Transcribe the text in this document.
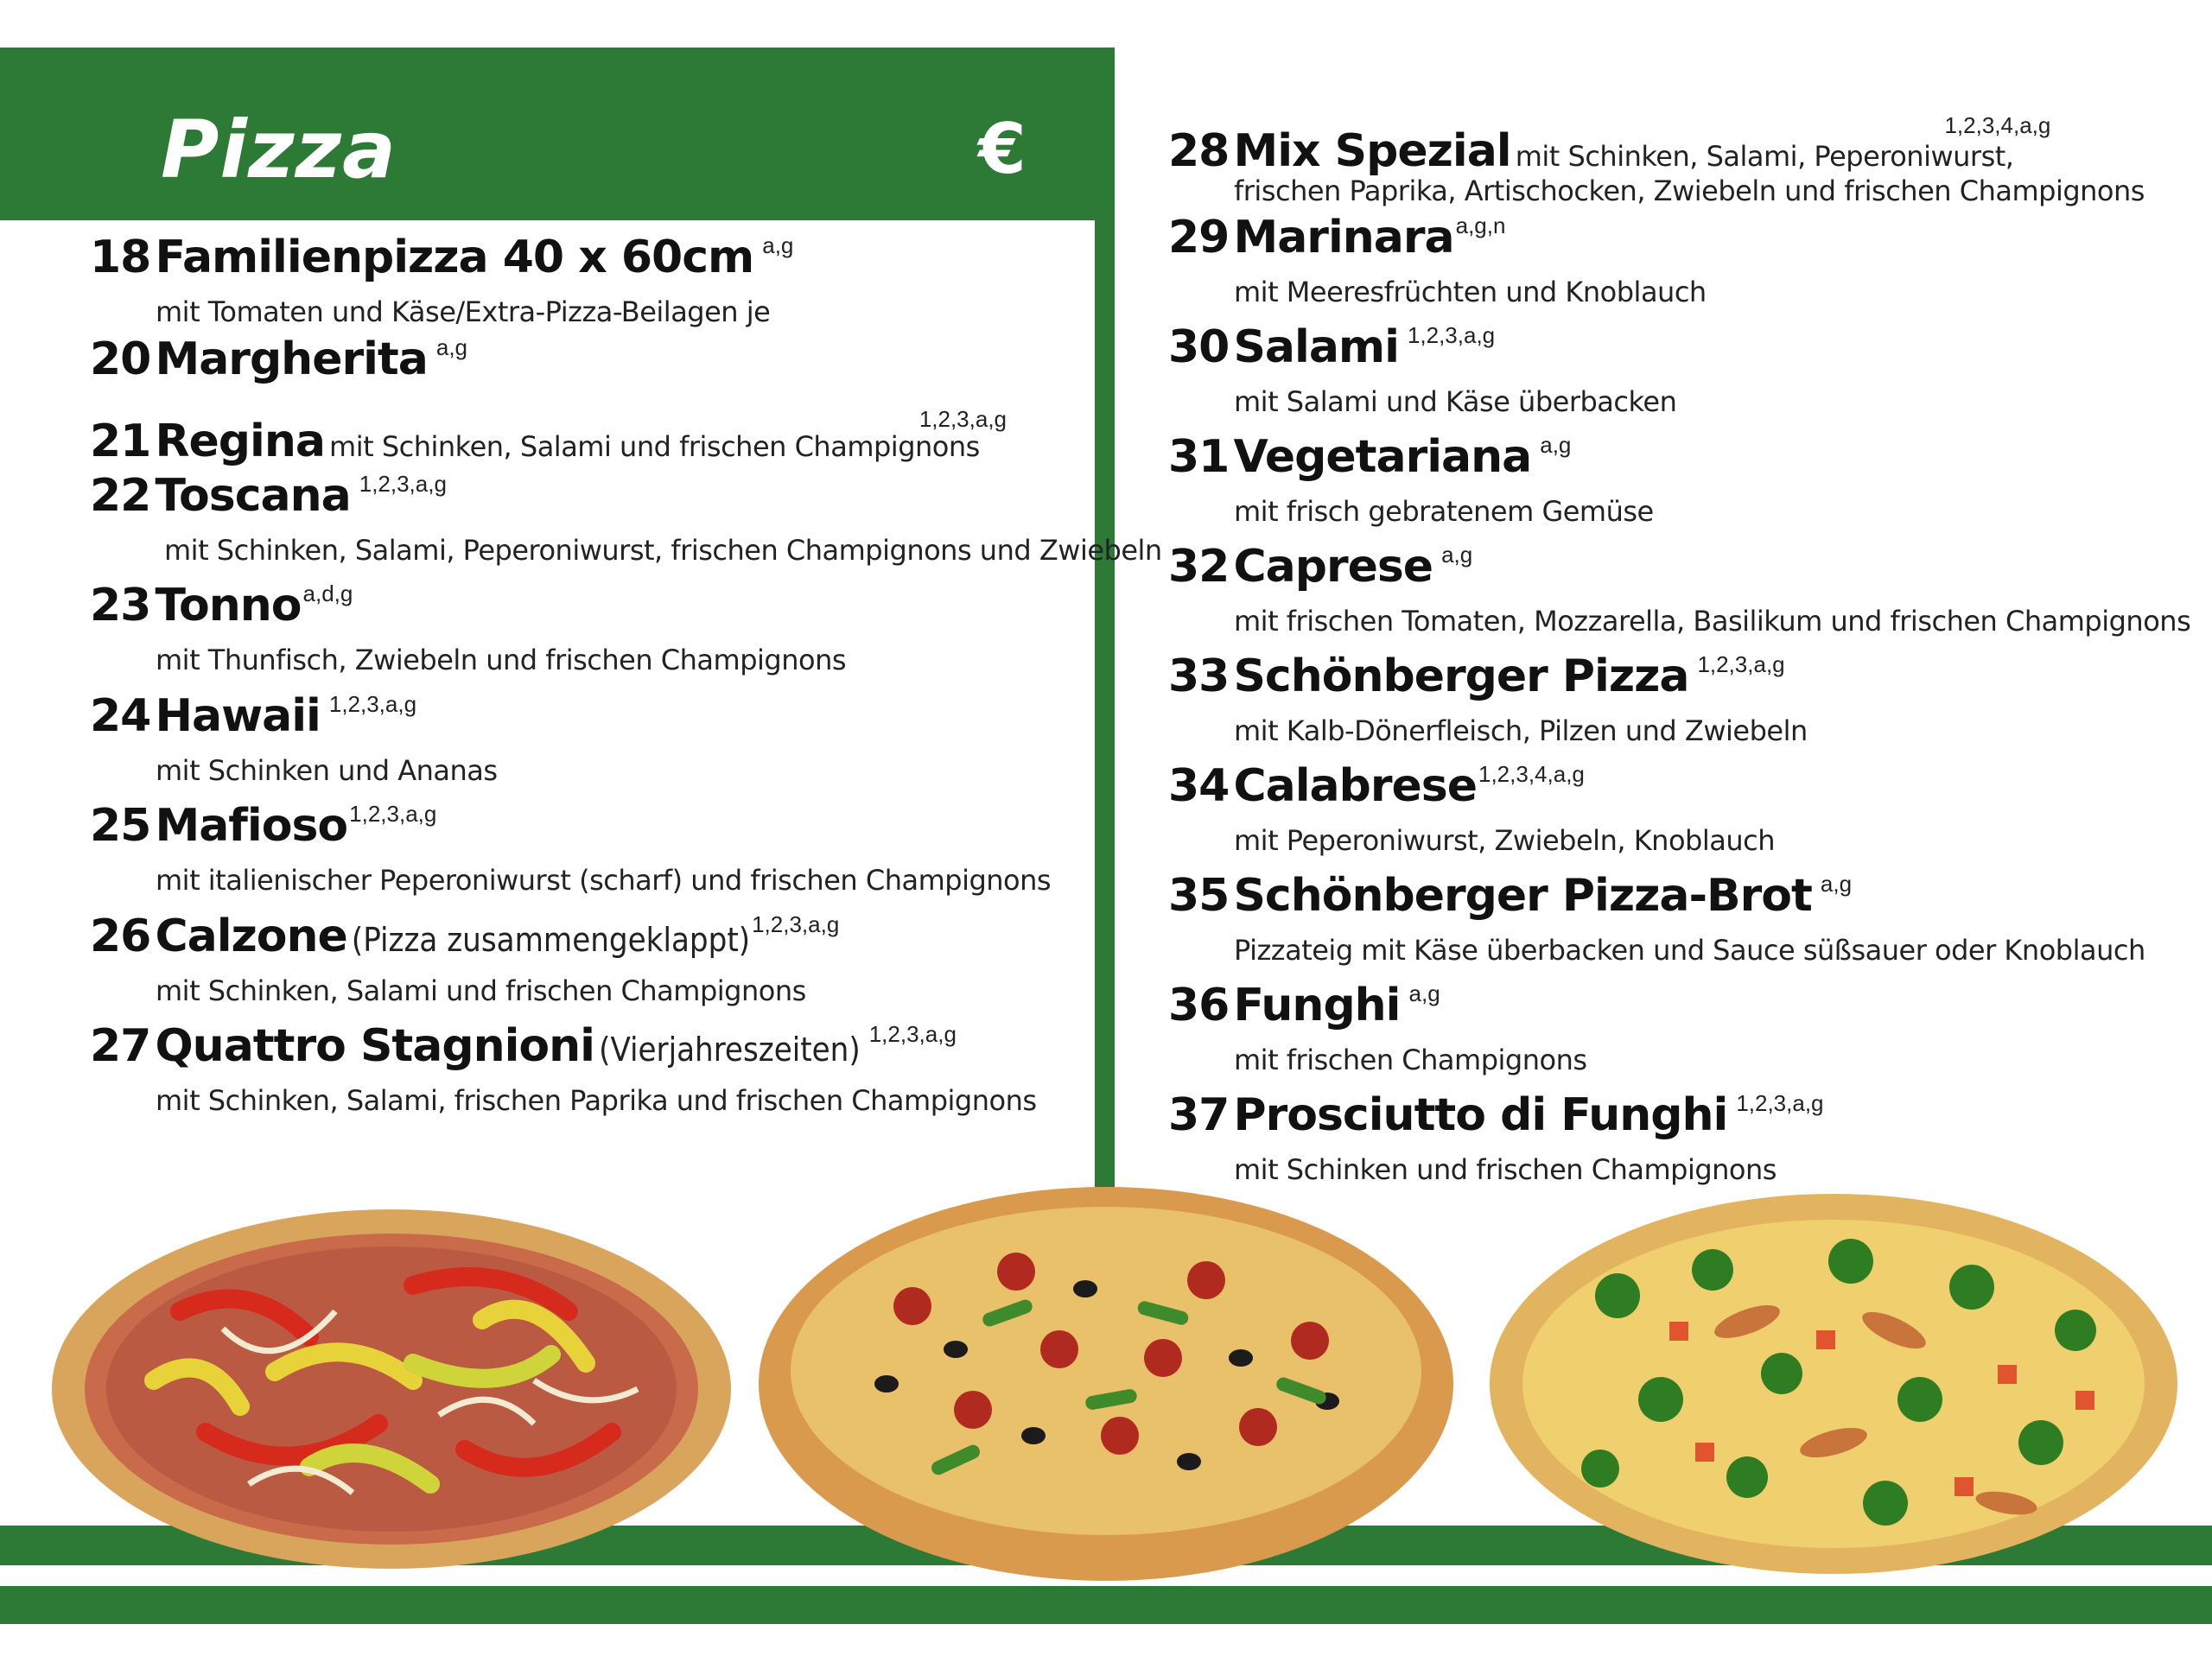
Pizza	€
18 Familienpizza 40 x 60cm a,g
mit Tomaten und Käse/Extra-Pizza-Beilagen je
20 Margherita a,g
21 Regina mit Schinken, Salami und frischen Champignons1,2,3,a,g
22 Toscana 1,2,3,a,g
mit Schinken, Salami, Peperoniwurst, frischen Champignons und Zwiebeln
23 Tonnoa,d,g
mit Thunfisch, Zwiebeln und frischen Champignons
24 Hawaii 1,2,3,a,g
mit Schinken und Ananas
25 Mafioso1,2,3,a,g
mit italienischer Peperoniwurst (scharf) und frischen Champignons
26 Calzone (Pizza zusammengeklappt)1,2,3,a,g
mit Schinken, Salami und frischen Champignons
27 Quattro Stagnioni (Vierjahreszeiten) 1,2,3,a,g
mit Schinken, Salami, frischen Paprika und frischen Champignons
28 Mix Spezial mit Schinken, Salami, Peperoniwurst,1,2,3,4,a,g
frischen Paprika, Artischocken, Zwiebeln und frischen Champignons
29 Marinaraa,g,n
mit Meeresfrüchten und Knoblauch
30 Salami 1,2,3,a,g
mit Salami und Käse überbacken
31 Vegetariana a,g
mit frisch gebratenem Gemüse
32 Caprese a,g
mit frischen Tomaten, Mozzarella, Basilikum und frischen Champignons
33 Schönberger Pizza 1,2,3,a,g
mit Kalb-Dönerfleisch, Pilzen und Zwiebeln
34 Calabrese1,2,3,4,a,g
mit Peperoniwurst, Zwiebeln, Knoblauch
35 Schönberger Pizza-Brot a,g
Pizzateig mit Käse überbacken und Sauce süßsauer oder Knoblauch
36 Funghi a,g
mit frischen Champignons
37 Prosciutto di Funghi 1,2,3,a,g
mit Schinken und frischen Champignons
